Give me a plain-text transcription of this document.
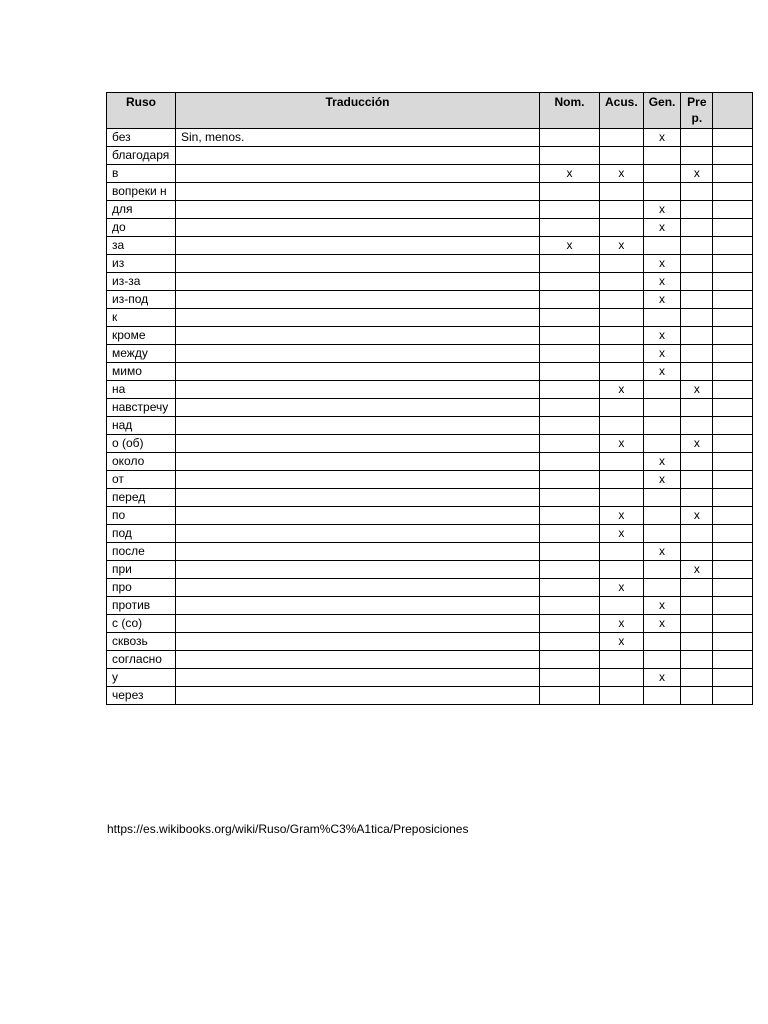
Ruso	Traducción	Nom.	Acus.	Gen.	Prep.	
без	Sin, menos.			x		
благодаря						
в		x	x		x	
вопреки н						
для				x		
до				x		
за		x	x			
из				x		
из-за				x		
из-под				x		
к						
кроме				x		
между				x		
мимо				x		
на			x		x	
навстречу						
над						
о (об)			x		x	
около				x		
от				x		
перед						
по			x		x	
под			x			
после				x		
при					x	
про			x			
против				x		
с (со)			x	x		
сквозь			x			
согласно						
у				x		
через						
https://es.wikibooks.org/wiki/Ruso/Gram%C3%A1tica/Preposiciones
